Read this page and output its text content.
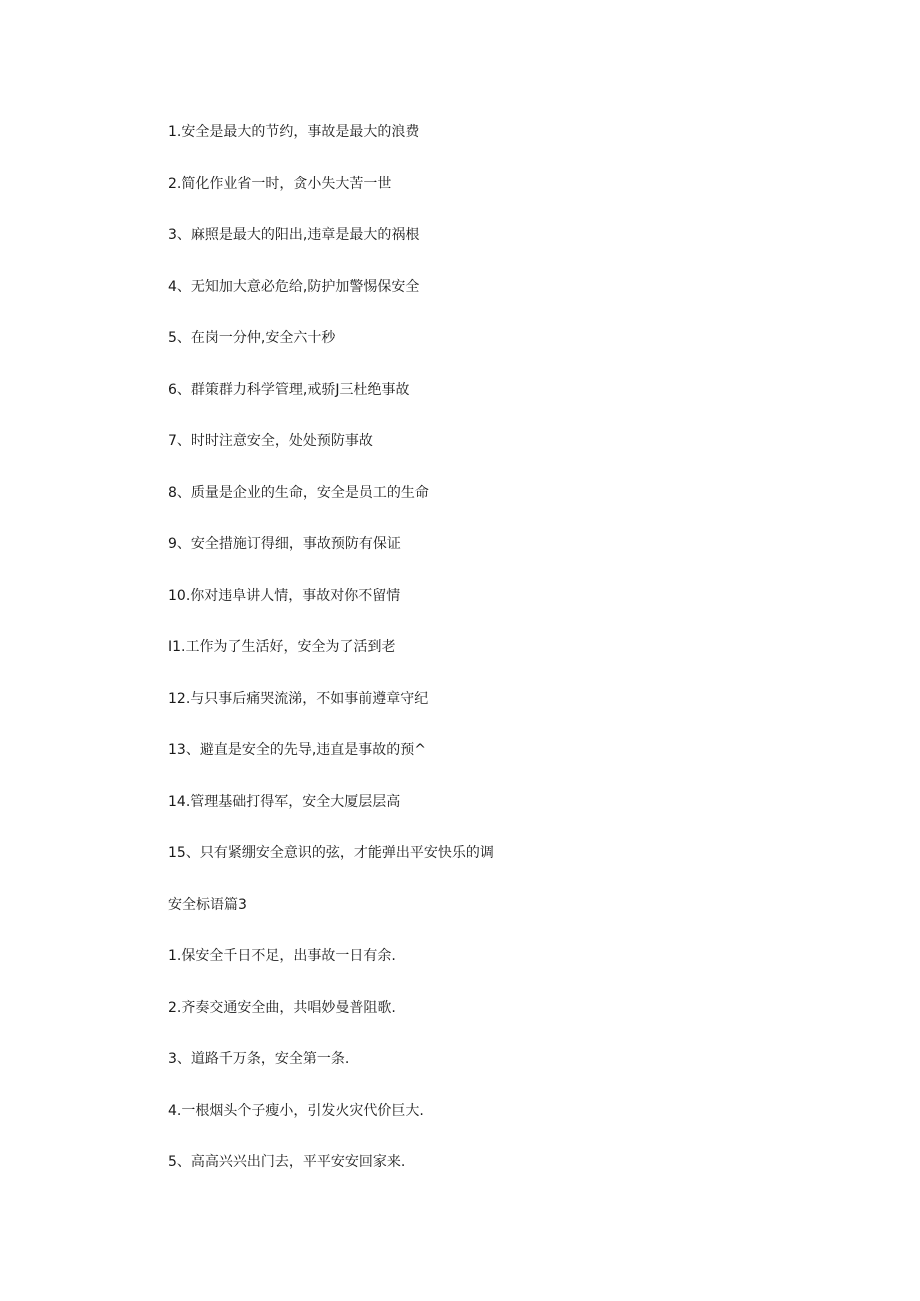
1.安全是最大的节约，事故是最大的浪费
2.简化作业省一时，贪小失大苦一世
3、麻照是最大的阳出,违章是最大的祸根
4、无知加大意必危给,防护加警惕保安全
5、在岗一分仲,安全六十秒
6、群策群力科学管理,戒骄J三杜绝事故
7、时时注意安全，处处预防事故
8、质量是企业的生命，安全是员工的生命
9、安全措施订得细，事故预防有保证
10.你对违阜讲人情，事故对你不留情
I1.工作为了生活好，安全为了活到老
12.与只事后痛哭流涕，不如事前遵章守纪
13、避直是安全的先导,违直是事故的预^
14.管理基础打得军，安全大厦层层高
15、只有紧绷安全意识的弦，才能弹出平安快乐的调
安全标语篇3
1.保安全千日不足，出事故一日有余.
2.齐奏交通安全曲，共唱妙曼普阻歌.
3、道路千万条，安全第一条.
4.一根烟头个子瘦小，引发火灾代价巨大.
5、高高兴兴出门去，平平安安回家来.
